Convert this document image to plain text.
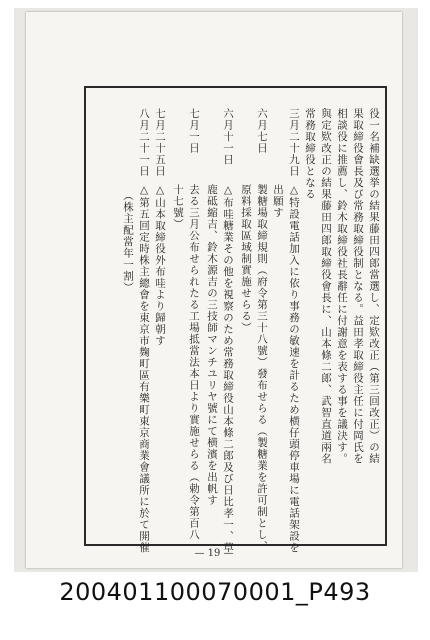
役一名補缺選挙の結果藤田四郎當選し、定欵改正（第三回改正）の結
果取締役會長及び常務取締役制となる。益田孝取締役主任に付岡氏を
相談役に推薦し、鈴木取締役社長辭任に付謝意を表する事を議決す。
與定欵改正の結果藤田四郎取締役會長に、山本條二郎、武智直道兩名
常務取締役となる
三月二十九日
△特設電話加入に依り事務の敏速を計るため横仔頭停車場に電話架設を
出願す
六月七日
製糖場取締規則（府令第三十八號）發布せらる（製糖業を許可制とし、
原料採取區域制實施せらる）
六月十一日
△布哇糖業その他を視察のため常務取締役山本條二郎及び日比孝一、草
鹿砥縮吉、鈴木源吉の三技師マンチユリヤ號にて横濱を出帆す
七月一日
去る三月公布せられたる工場抵當法本日より實施せらる（勅令第百八
十七號）
七月二十五日
△山本取締役外布哇より歸朝す
八月二十一日
△第五回定時株主總會を東京市麹町區有樂町東京商業會議所に於て開催
（株主配當年一割）
— 19 —
200401100070001_P493
